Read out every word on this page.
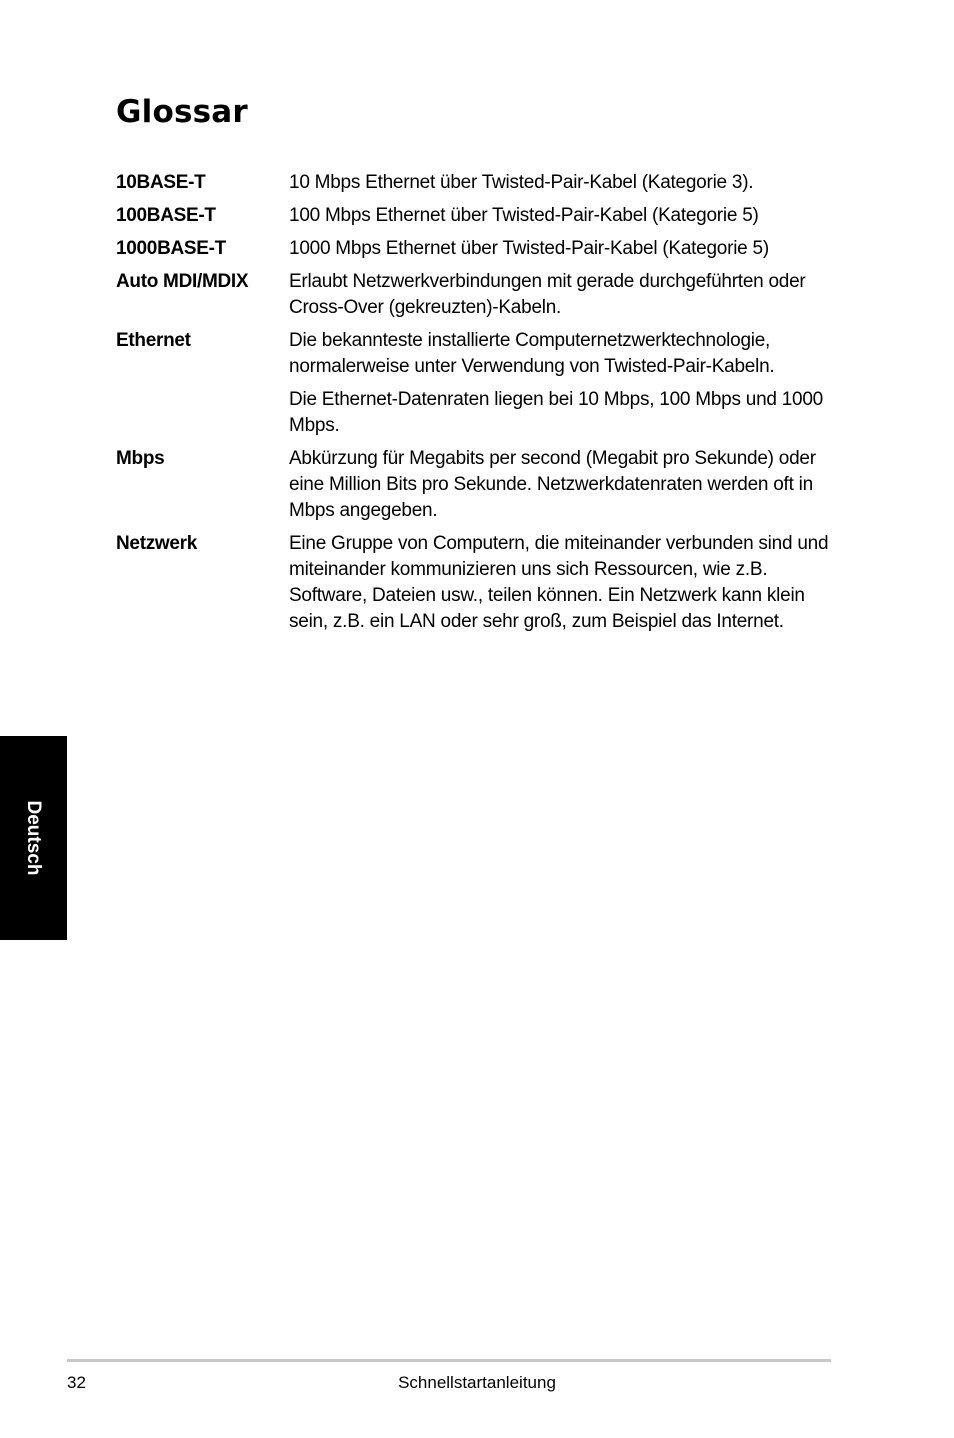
Glossar
10BASE-T	10 Mbps Ethernet über Twisted-Pair-Kabel (Kategorie 3).

100BASE-T	100 Mbps Ethernet über Twisted-Pair-Kabel (Kategorie 5)

1000BASE-T	1000 Mbps Ethernet über Twisted-Pair-Kabel (Kategorie 5)

Auto MDI/MDIX	Erlaubt Netzwerkverbindungen mit gerade durchgeführten oder Cross-Over (gekreuzten)-Kabeln.

Ethernet	Die bekannteste installierte Computernetzwerktechnologie, normalerweise unter Verwendung von Twisted-Pair-Kabeln.

Die Ethernet-Datenraten liegen bei 10 Mbps, 100 Mbps und 1000 Mbps.

Mbps	Abkürzung für Megabits per second (Megabit pro Sekunde) oder eine Million Bits pro Sekunde. Netzwerkdatenraten werden oft in Mbps angegeben.

Netzwerk	Eine Gruppe von Computern, die miteinander verbunden sind und miteinander kommunizieren uns sich Ressourcen, wie z.B. Software, Dateien usw., teilen können. Ein Netzwerk kann klein sein, z.B. ein LAN oder sehr groß, zum Beispiel das Internet.

Deutsch
32	Schnellstartanleitung
